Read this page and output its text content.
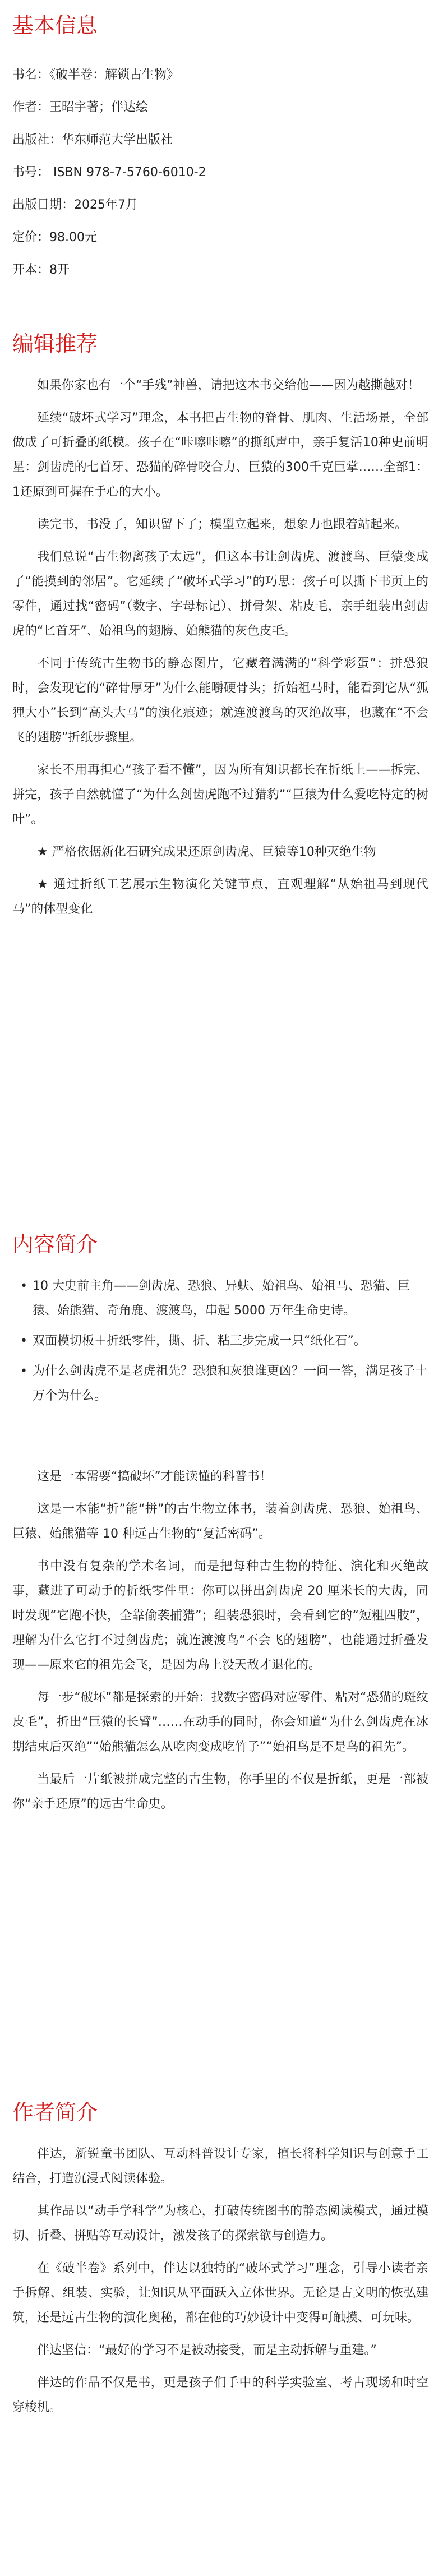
基本信息
书名：《破半卷：解锁古生物》
作者：王昭宇著；伴达绘
出版社：华东师范大学出版社
书号： ISBN 978-7-5760-6010-2
出版日期：2025年7月
定价：98.00元
开本：8开
编辑推荐

如果你家也有一个“手残”神兽，请把这本书交给他——因为越撕越对！

延续“破坏式学习”理念，本书把古生物的脊骨、肌肉、生活场景，全部做成了可折叠的纸模。孩子在“咔嚓咔嚓”的撕纸声中，亲手复活10种史前明星：剑齿虎的七首牙、恐猫的碎骨咬合力、巨猿的300千克巨掌……全部1：1还原到可握在手心的大小。

读完书，书没了，知识留下了；模型立起来，想象力也跟着站起来。

我们总说“古生物离孩子太远”，但这本书让剑齿虎、渡渡鸟、巨猿变成了“能摸到的邻居”。它延续了“破坏式学习”的巧思：孩子可以撕下书页上的零件，通过找“密码”（数字、字母标记）、拼骨架、粘皮毛，亲手组装出剑齿虎的“匕首牙”、始祖鸟的翅膀、始熊猫的灰色皮毛。

不同于传统古生物书的静态图片，它藏着满满的“科学彩蛋”：拼恐狼时，会发现它的“碎骨厚牙”为什么能嚼硬骨头；折始祖马时，能看到它从“狐狸大小”长到“高头大马”的演化痕迹；就连渡渡鸟的灭绝故事，也藏在“不会飞的翅膀”折纸步骤里。

家长不用再担心“孩子看不懂”，因为所有知识都长在折纸上——拆完、拼完，孩子自然就懂了“为什么剑齿虎跑不过猎豹”“巨猿为什么爱吃特定的树叶”。

★ 严格依据新化石研究成果还原剑齿虎、巨猿等10种灭绝生物

★ 通过折纸工艺展示生物演化关键节点，直观理解“从始祖马到现代马”的体型变化

内容简介
• 10 大史前主角——剑齿虎、恐狼、异蚨、始祖鸟、始祖马、恐猫、巨猿、始熊猫、奇角鹿、渡渡鸟，串起 5000 万年生命史诗。
• 双面模切板＋折纸零件，撕、折、粘三步完成一只“纸化石”。
• 为什么剑齿虎不是老虎祖先？恐狼和灰狼谁更凶？一问一答，满足孩子十万个为什么。

这是一本需要“搞破坏”才能读懂的科普书！

这是一本能“折”能“拼”的古生物立体书，装着剑齿虎、恐狼、始祖鸟、巨猿、始熊猫等 10 种远古生物的“复活密码”。

书中没有复杂的学术名词，而是把每种古生物的特征、演化和灭绝故事，藏进了可动手的折纸零件里：你可以拼出剑齿虎 20 厘米长的大齿，同时发现“它跑不快，全靠偷袭捕猎”；组装恐狼时，会看到它的“短粗四肢”，理解为什么它打不过剑齿虎；就连渡渡鸟“不会飞的翅膀”，也能通过折叠发现——原来它的祖先会飞，是因为岛上没天敌才退化的。

每一步“破坏”都是探索的开始：找数字密码对应零件、粘对“恐猫的斑纹皮毛”，折出“巨猿的长臂”……在动手的同时，你会知道“为什么剑齿虎在冰期结束后灭绝”“始熊猫怎么从吃肉变成吃竹子”“始祖鸟是不是鸟的祖先”。

当最后一片纸被拼成完整的古生物，你手里的不仅是折纸，更是一部被你“亲手还原”的远古生命史。

作者简介

伴达，新锐童书团队、互动科普设计专家，擅长将科学知识与创意手工结合，打造沉浸式阅读体验。

其作品以“动手学科学”为核心，打破传统图书的静态阅读模式，通过模切、折叠、拼贴等互动设计，激发孩子的探索欲与创造力。

在《破半卷》系列中，伴达以独特的“破坏式学习”理念，引导小读者亲手拆解、组装、实验，让知识从平面跃入立体世界。无论是古文明的恢弘建筑，还是远古生物的演化奥秘，都在他的巧妙设计中变得可触摸、可玩味。

伴达坚信：“最好的学习不是被动接受，而是主动拆解与重建。”

伴达的作品不仅是书，更是孩子们手中的科学实验室、考古现场和时空穿梭机。
